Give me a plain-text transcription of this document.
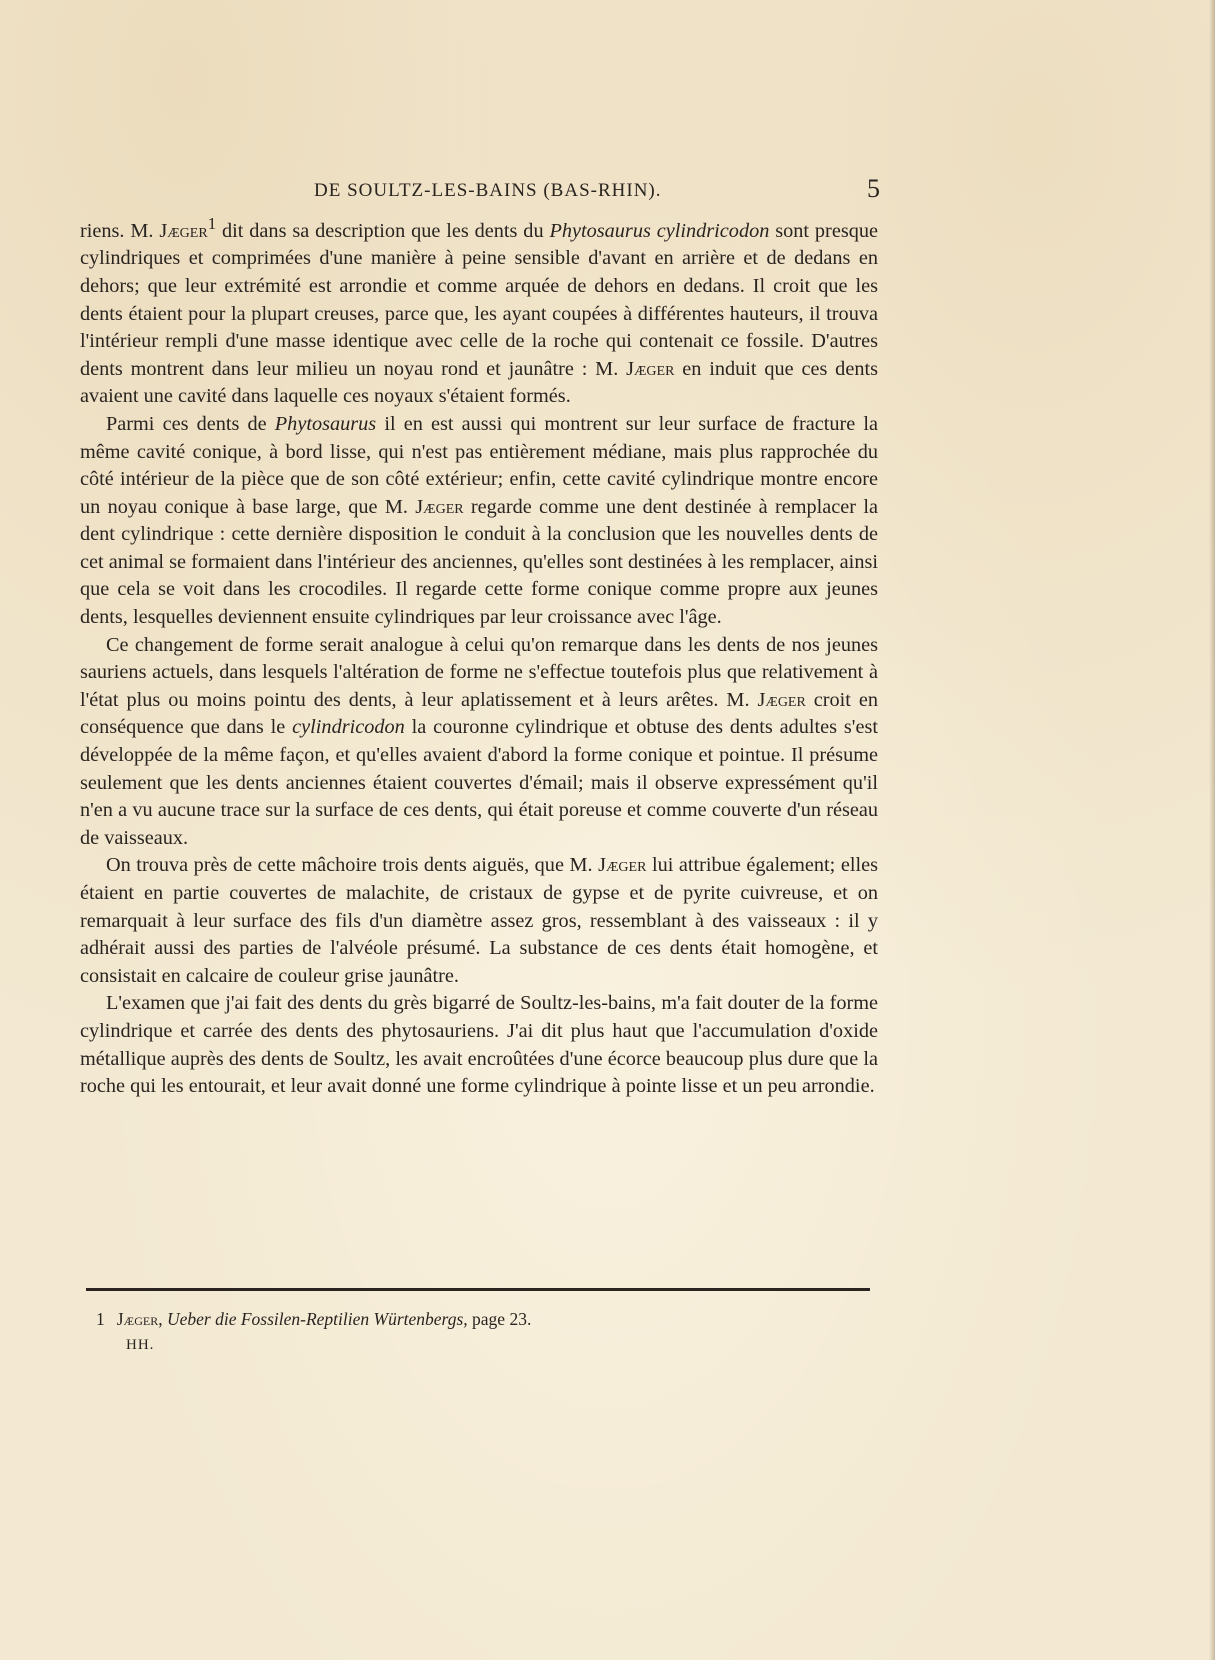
DE SOULTZ-LES-BAINS (BAS-RHIN).	5

riens. M. Jæger$^1$ dit dans sa description que les dents du Phytosaurus cylindricodon sont presque cylindriques et comprimées d'une manière à peine sensible d'avant en arrière et de dedans en dehors; que leur extrémité est arrondie et comme arquée de dehors en dedans. Il croit que les dents étaient pour la plupart creuses, parce que, les ayant coupées à différentes hauteurs, il trouva l'intérieur rempli d'une masse identique avec celle de la roche qui contenait ce fossile. D'autres dents montrent dans leur milieu un noyau rond et jaunâtre : M. Jæger en induit que ces dents avaient une cavité dans laquelle ces noyaux s'étaient formés.

Parmi ces dents de Phytosaurus il en est aussi qui montrent sur leur surface de fracture la même cavité conique, à bord lisse, qui n'est pas entièrement médiane, mais plus rapprochée du côté intérieur de la pièce que de son côté extérieur; enfin, cette cavité cylindrique montre encore un noyau conique à base large, que M. Jæger regarde comme une dent destinée à remplacer la dent cylindrique : cette dernière disposition le conduit à la conclusion que les nouvelles dents de cet animal se formaient dans l'intérieur des anciennes, qu'elles sont destinées à les remplacer, ainsi que cela se voit dans les crocodiles. Il regarde cette forme conique comme propre aux jeunes dents, lesquelles deviennent ensuite cylindriques par leur croissance avec l'âge.

Ce changement de forme serait analogue à celui qu'on remarque dans les dents de nos jeunes sauriens actuels, dans lesquels l'altération de forme ne s'effectue toutefois plus que relativement à l'état plus ou moins pointu des dents, à leur aplatissement et à leurs arêtes. M. Jæger croit en conséquence que dans le cylindricodon la couronne cylindrique et obtuse des dents adultes s'est développée de la même façon, et qu'elles avaient d'abord la forme conique et pointue. Il présume seulement que les dents anciennes étaient couvertes d'émail; mais il observe expressément qu'il n'en a vu aucune trace sur la surface de ces dents, qui était poreuse et comme couverte d'un réseau de vaisseaux.

On trouva près de cette mâchoire trois dents aiguës, que M. Jæger lui attribue également; elles étaient en partie couvertes de malachite, de cristaux de gypse et de pyrite cuivreuse, et on remarquait à leur surface des fils d'un diamètre assez gros, ressemblant à des vaisseaux : il y adhérait aussi des parties de l'alvéole présumé. La substance de ces dents était homogène, et consistait en calcaire de couleur grise jaunâtre.

L'examen que j'ai fait des dents du grès bigarré de Soultz-les-bains, m'a fait douter de la forme cylindrique et carrée des dents des phytosauriens. J'ai dit plus haut que l'accumulation d'oxide métallique auprès des dents de Soultz, les avait encroûtées d'une écorce beaucoup plus dure que la roche qui les entourait, et leur avait donné une forme cylindrique à pointe lisse et un peu arrondie.

1 Jæger, Ueber die Fossilen-Reptilien Würtenbergs, page 23.
HH.
